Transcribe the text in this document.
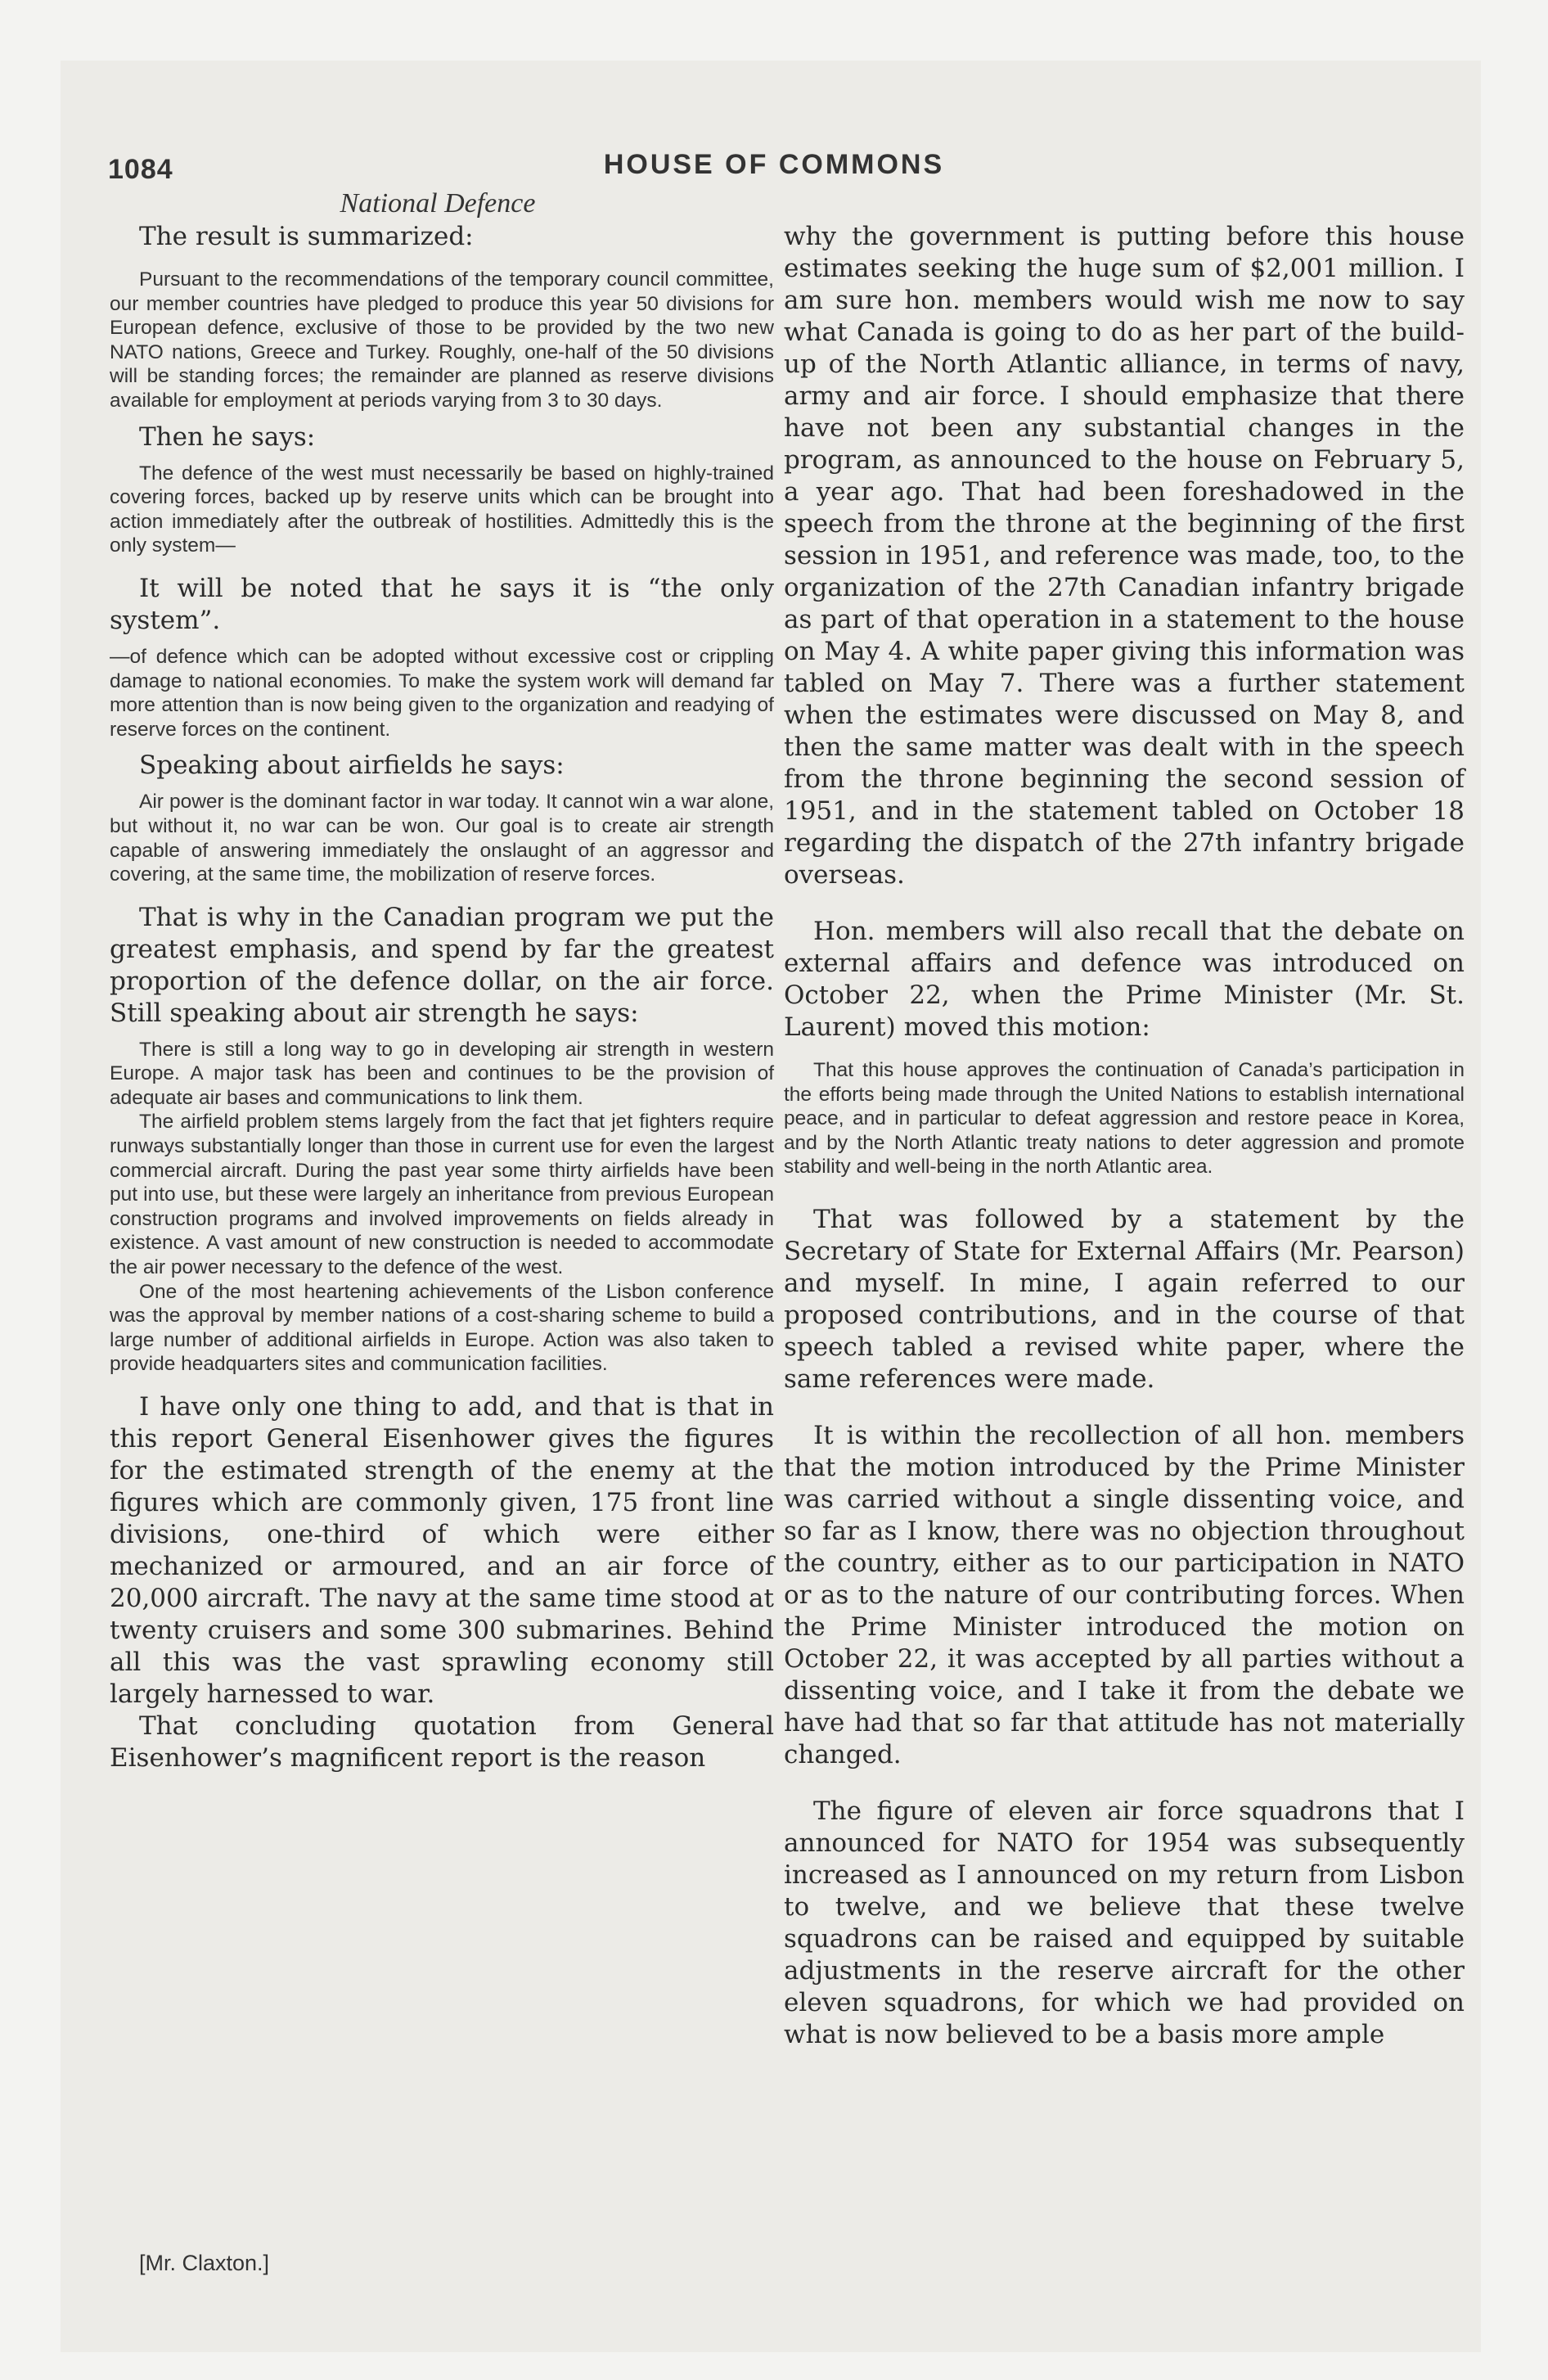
1084	HOUSE OF COMMONS
National Defence

The result is summarized:

Pursuant to the recommendations of the temporary council committee, our member countries have pledged to produce this year 50 divisions for European defence, exclusive of those to be provided by the two new NATO nations, Greece and Turkey. Roughly, one-half of the 50 divisions will be standing forces; the remainder are planned as reserve divisions available for employment at periods varying from 3 to 30 days.

Then he says:

The defence of the west must necessarily be based on highly-trained covering forces, backed up by reserve units which can be brought into action immediately after the outbreak of hostilities. Admittedly this is the only system—

It will be noted that he says it is “the only system”.

—of defence which can be adopted without excessive cost or crippling damage to national economies. To make the system work will demand far more attention than is now being given to the organization and readying of reserve forces on the continent.

Speaking about airfields he says:

Air power is the dominant factor in war today. It cannot win a war alone, but without it, no war can be won. Our goal is to create air strength capable of answering immediately the onslaught of an aggressor and covering, at the same time, the mobilization of reserve forces.

That is why in the Canadian program we put the greatest emphasis, and spend by far the greatest proportion of the defence dollar, on the air force. Still speaking about air strength he says:

There is still a long way to go in developing air strength in western Europe. A major task has been and continues to be the provision of adequate air bases and communications to link them.

The airfield problem stems largely from the fact that jet fighters require runways substantially longer than those in current use for even the largest commercial aircraft. During the past year some thirty airfields have been put into use, but these were largely an inheritance from previous European construction programs and involved improvements on fields already in existence. A vast amount of new construction is needed to accommodate the air power necessary to the defence of the west.

One of the most heartening achievements of the Lisbon conference was the approval by member nations of a cost-sharing scheme to build a large number of additional airfields in Europe. Action was also taken to provide headquarters sites and communication facilities.

I have only one thing to add, and that is that in this report General Eisenhower gives the figures for the estimated strength of the enemy at the figures which are commonly given, 175 front line divisions, one-third of which were either mechanized or armoured, and an air force of 20,000 aircraft. The navy at the same time stood at twenty cruisers and some 300 submarines. Behind all this was the vast sprawling economy still largely harnessed to war.

That concluding quotation from General Eisenhower’s magnificent report is the reason

why the government is putting before this house estimates seeking the huge sum of $2,001 million. I am sure hon. members would wish me now to say what Canada is going to do as her part of the build-up of the North Atlantic alliance, in terms of navy, army and air force. I should emphasize that there have not been any substantial changes in the program, as announced to the house on February 5, a year ago. That had been foreshadowed in the speech from the throne at the beginning of the first session in 1951, and reference was made, too, to the organization of the 27th Canadian infantry brigade as part of that operation in a statement to the house on May 4. A white paper giving this information was tabled on May 7. There was a further statement when the estimates were discussed on May 8, and then the same matter was dealt with in the speech from the throne beginning the second session of 1951, and in the statement tabled on October 18 regarding the dispatch of the 27th infantry brigade overseas.

Hon. members will also recall that the debate on external affairs and defence was introduced on October 22, when the Prime Minister (Mr. St. Laurent) moved this motion:

That this house approves the continuation of Canada’s participation in the efforts being made through the United Nations to establish international peace, and in particular to defeat aggression and restore peace in Korea, and by the North Atlantic treaty nations to deter aggression and promote stability and well-being in the north Atlantic area.

That was followed by a statement by the Secretary of State for External Affairs (Mr. Pearson) and myself. In mine, I again referred to our proposed contributions, and in the course of that speech tabled a revised white paper, where the same references were made.

It is within the recollection of all hon. members that the motion introduced by the Prime Minister was carried without a single dissenting voice, and so far as I know, there was no objection throughout the country, either as to our participation in NATO or as to the nature of our contributing forces. When the Prime Minister introduced the motion on October 22, it was accepted by all parties without a dissenting voice, and I take it from the debate we have had that so far that attitude has not materially changed.

The figure of eleven air force squadrons that I announced for NATO for 1954 was subsequently increased as I announced on my return from Lisbon to twelve, and we believe that these twelve squadrons can be raised and equipped by suitable adjustments in the reserve aircraft for the other eleven squadrons, for which we had provided on what is now believed to be a basis more ample

[Mr. Claxton.]
